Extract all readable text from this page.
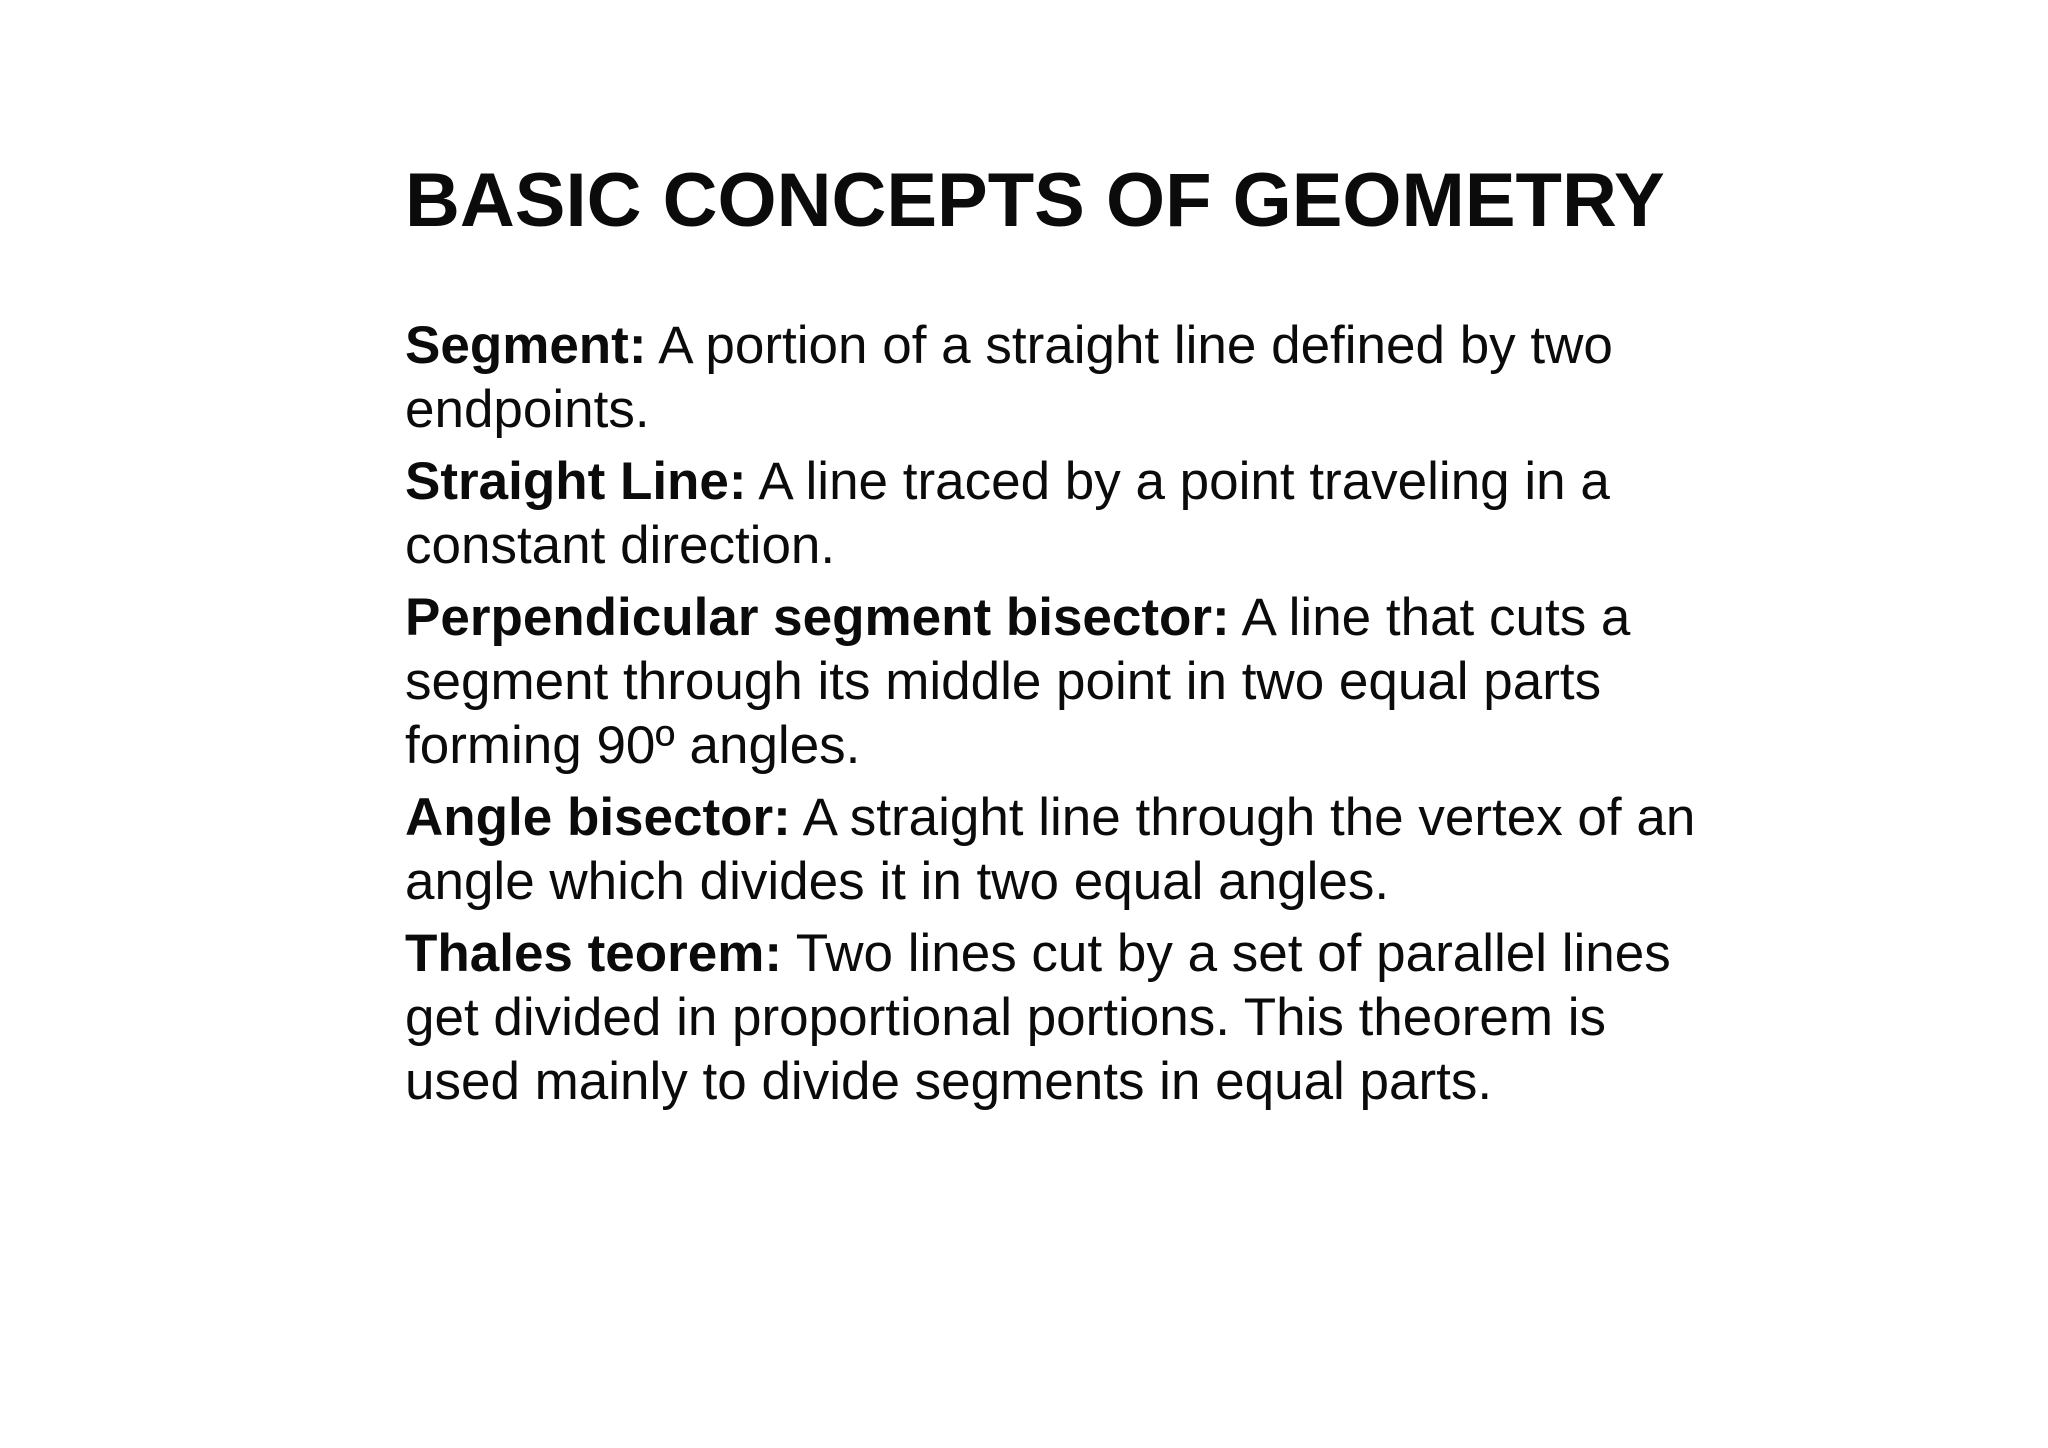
BASIC CONCEPTS OF GEOMETRY
Segment: A portion of a straight line defined by two endpoints.
Straight Line: A line traced by a point traveling in a constant direction.
Perpendicular segment bisector: A line that cuts a segment through its middle point in two equal parts forming 90º angles.
Angle bisector: A straight line through the vertex of an angle which divides it in two equal angles.
Thales teorem: Two lines cut by a set of parallel lines get divided in proportional portions. This theorem is used mainly to divide segments in equal parts.
